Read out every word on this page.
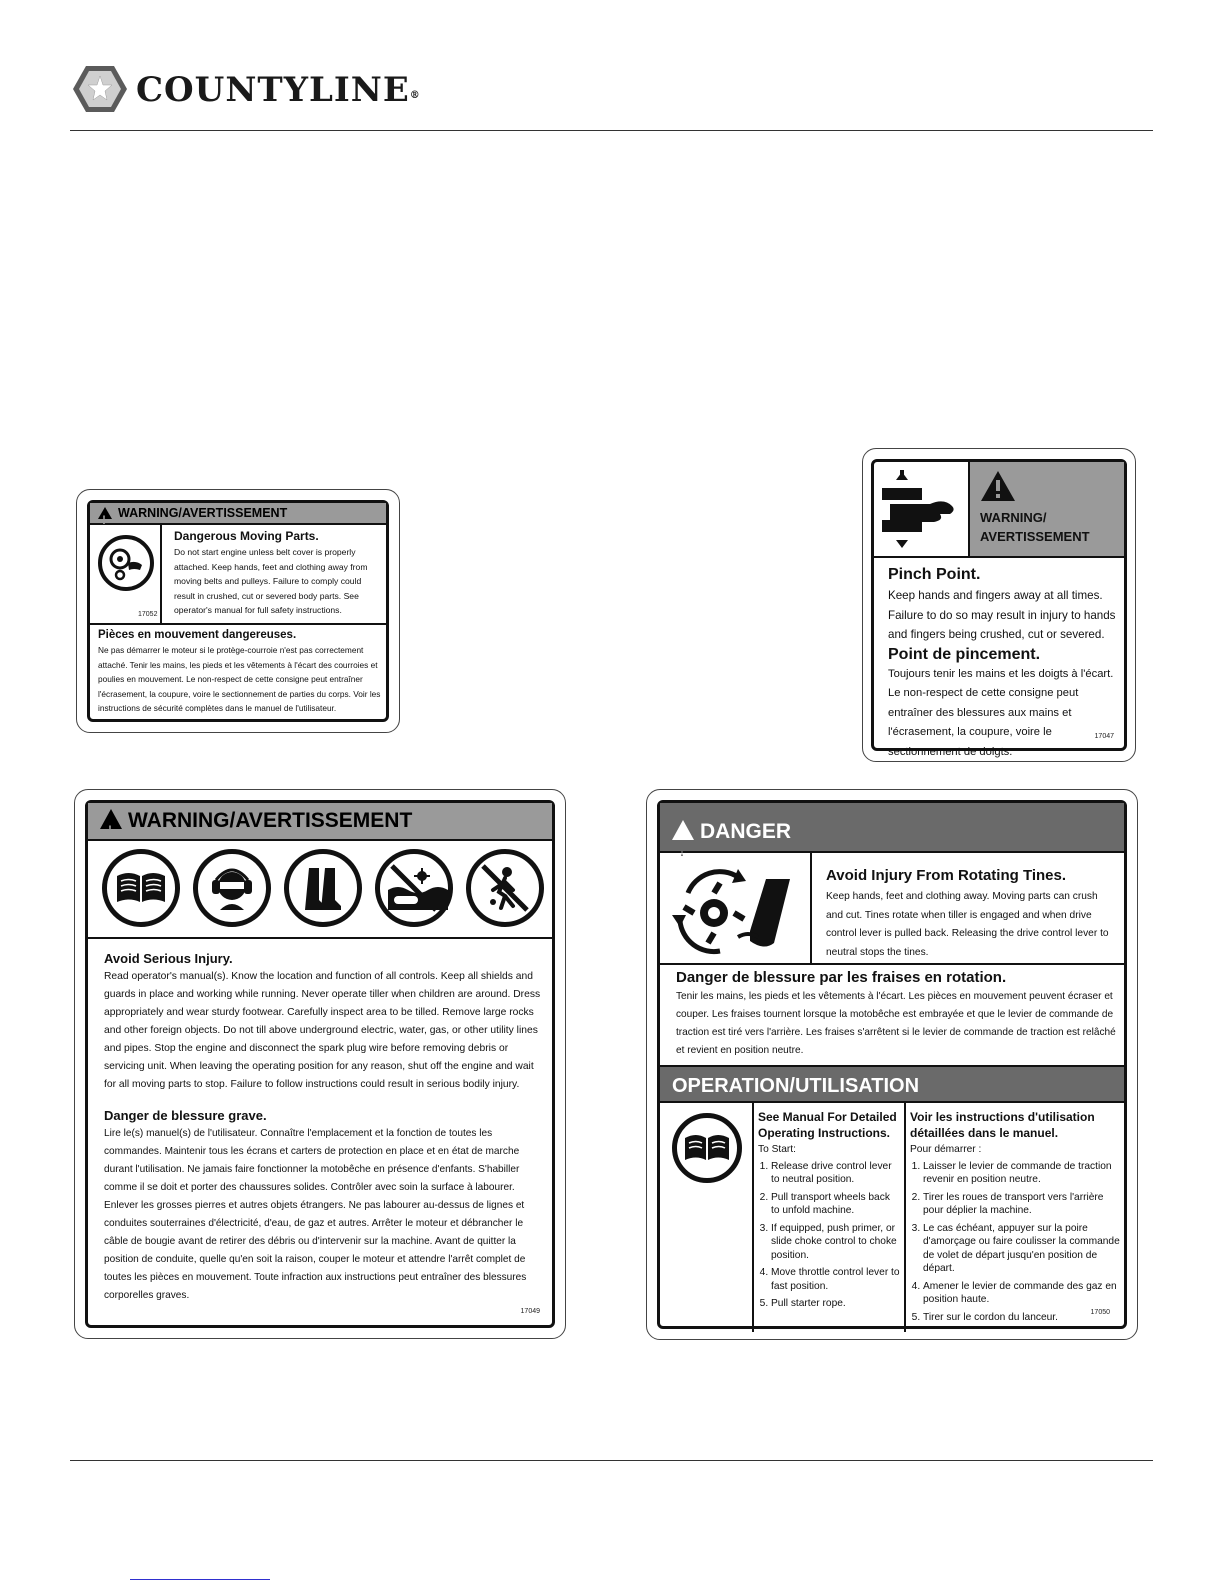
COUNTYLINE®
!WARNING/AVERTISSEMENT
17052
Dangerous Moving Parts.
Do not start engine unless belt cover is properly attached. Keep hands, feet and clothing away from moving belts and pulleys. Failure to comply could result in crushed, cut or severed body parts. See operator's manual for full safety instructions.
Pièces en mouvement dangereuses.
Ne pas démarrer le moteur si le protège-courroie n'est pas correctement attaché. Tenir les mains, les pieds et les vêtements à l'écart des courroies et poulies en mouvement. Le non-respect de cette consigne peut entraîner l'écrasement, la coupure, voire le sectionnement de parties du corps. Voir les instructions de sécurité complètes dans le manuel de l'utilisateur.
WARNING/
AVERTISSEMENT
Pinch Point.
Keep hands and fingers away at all times. Failure to do so may result in injury to hands and fingers being crushed, cut or severed.
Point de pincement.
Toujours tenir les mains et les doigts à l'écart. Le non-respect de cette consigne peut entraîner des blessures aux mains et l'écrasement, la coupure, voire le sectionnement de doigts.
17047
!WARNING/AVERTISSEMENT
Avoid Serious Injury.
Read operator's manual(s). Know the location and function of all controls. Keep all shields and guards in place and working while running. Never operate tiller when children are around. Dress appropriately and wear sturdy footwear. Carefully inspect area to be tilled. Remove large rocks and other foreign objects. Do not till above underground electric, water, gas, or other utility lines and pipes. Stop the engine and disconnect the spark plug wire before removing debris or servicing unit. When leaving the operating position for any reason, shut off the engine and wait for all moving parts to stop. Failure to follow instructions could result in serious bodily injury.
Danger de blessure grave.
Lire le(s) manuel(s) de l'utilisateur. Connaître l'emplacement et la fonction de toutes les commandes. Maintenir tous les écrans et carters de protection en place et en état de marche durant l'utilisation. Ne jamais faire fonctionner la motobêche en présence d'enfants. S'habiller comme il se doit et porter des chaussures solides. Contrôler avec soin la surface à labourer. Enlever les grosses pierres et autres objets étrangers. Ne pas labourer au-dessus de lignes et conduites souterraines d'électricité, d'eau, de gaz et autres. Arrêter le moteur et débrancher le câble de bougie avant de retirer des débris ou d'intervenir sur la machine. Avant de quitter la position de conduite, quelle qu'en soit la raison, couper le moteur et attendre l'arrêt complet de toutes les pièces en mouvement. Toute infraction aux instructions peut entraîner des blessures corporelles graves.
17049
!DANGER
Avoid Injury From Rotating Tines.
Keep hands, feet and clothing away. Moving parts can crush and cut. Tines rotate when tiller is engaged and when drive control lever is pulled back. Releasing the drive control lever to neutral stops the tines.
Danger de blessure par les fraises en rotation.
Tenir les mains, les pieds et les vêtements à l'écart. Les pièces en mouvement peuvent écraser et couper. Les fraises tournent lorsque la motobêche est embrayée et que le levier de commande de traction est tiré vers l'arrière. Les fraises s'arrêtent si le levier de commande de traction est relâché et revient en position neutre.
OPERATION/UTILISATION
See Manual For Detailed Operating Instructions.
To Start:
1. Release drive control lever to neutral position.
2. Pull transport wheels back to unfold machine.
3. If equipped, push primer, or slide choke control to choke position.
4. Move throttle control lever to fast position.
5. Pull starter rope.
Voir les instructions d'utilisation détaillées dans le manuel.
Pour démarrer :
1. Laisser le levier de commande de traction revenir en position neutre.
2. Tirer les roues de transport vers l'arrière pour déplier la machine.
3. Le cas échéant, appuyer sur la poire d'amorçage ou faire coulisser la commande de volet de départ jusqu'en position de départ.
4. Amener le levier de commande des gaz en position haute.
5. Tirer sur le cordon du lanceur.	17050
